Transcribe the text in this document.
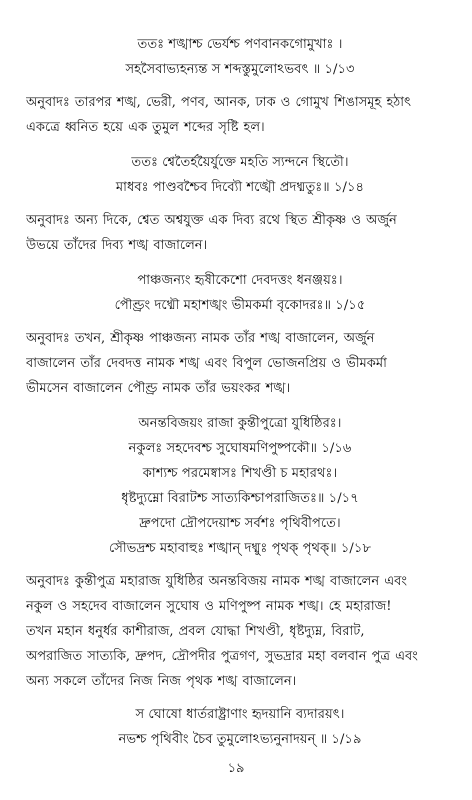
ততঃ শঙ্খাশ্চ ভের্যশ্চ পণবানকগোমুখাঃ ।
সহসৈবাভ্যহন্যন্ত স শব্দস্তুমুলোঽভবৎ ॥ ১/১৩
অনুবাদঃ তারপর শঙ্খ, ভেরী, পণব, আনক, ঢাক ও গোমুখ শিঙাসমূহ হঠাৎ
একত্রে ধ্বনিত হয়ে এক তুমুল শব্দের সৃষ্টি হল।
ততঃ শ্বেতৈর্হয়ৈর্যুক্তে মহতি স্যন্দনে স্থিতৌ।
মাধবঃ পাণ্ডবশ্চৈব দিব্যৌ শঙ্খৌ প্রদধ্মতুঃ॥ ১/১৪
অনুবাদঃ অন্য দিকে, শ্বেত অশ্বযুক্ত এক দিব্য রথে স্থিত শ্রীকৃষ্ণ ও অর্জুন
উভয়ে তাঁদের দিব্য শঙ্খ বাজালেন।
পাঞ্চজন্যং হৃষীকেশো দেবদত্তং ধনঞ্জয়ঃ।
পৌণ্ড্রং দধ্মৌ মহাশঙ্খং ভীমকর্মা বৃকোদরঃ॥ ১/১৫
অনুবাদঃ তখন, শ্রীকৃষ্ণ পাঞ্চজন্য নামক তাঁর শঙ্খ বাজালেন, অর্জুন
বাজালেন তাঁর দেবদত্ত নামক শঙ্খ এবং বিপুল ভোজনপ্রিয় ও ভীমকর্মা
ভীমসেন বাজালেন পৌণ্ড্র নামক তাঁর ভয়ংকর শঙ্খ।
অনন্তবিজয়ং রাজা কুন্তীপুত্রো যুধিষ্ঠিরঃ।
নকুলঃ সহদেবশ্চ সুঘোষমণিপুষ্পকৌ॥ ১/১৬
কাশ্যশ্চ পরমেষ্বাসঃ শিখণ্ডী চ মহারথঃ।
ধৃষ্টদ্যুম্নো বিরাটশ্চ সাত্যকিশ্চাপরাজিতঃ॥ ১/১৭
দ্রুপদো দ্রৌপদেয়াশ্চ সর্বশঃ পৃথিবীপতে।
সৌভদ্রশ্চ মহাবাহুঃ শঙ্খান্ দধ্মুঃ পৃথক্ পৃথক্॥ ১/১৮
অনুবাদঃ কুন্তীপুত্র মহারাজ যুধিষ্ঠির অনন্তবিজয় নামক শঙ্খ বাজালেন এবং
নকুল ও সহদেব বাজালেন সুঘোষ ও মণিপুষ্প নামক শঙ্খ। হে মহারাজ!
তখন মহান ধনুর্ধর কাশীরাজ, প্রবল যোদ্ধা শিখণ্ডী, ধৃষ্টদ্যুম্ন, বিরাট,
অপরাজিত সাত্যকি, দ্রুপদ, দ্রৌপদীর পুত্রগণ, সুভদ্রার মহা বলবান পুত্র এবং
অন্য সকলে তাঁদের নিজ নিজ পৃথক শঙ্খ বাজালেন।
স ঘোষো ধার্তরাষ্ট্রাণাং হৃদয়ানি ব্যদারয়ৎ।
নভশ্চ পৃথিবীং চৈব তুমুলোঽভ্যনুনাদয়ন্ ॥ ১/১৯
১৯
